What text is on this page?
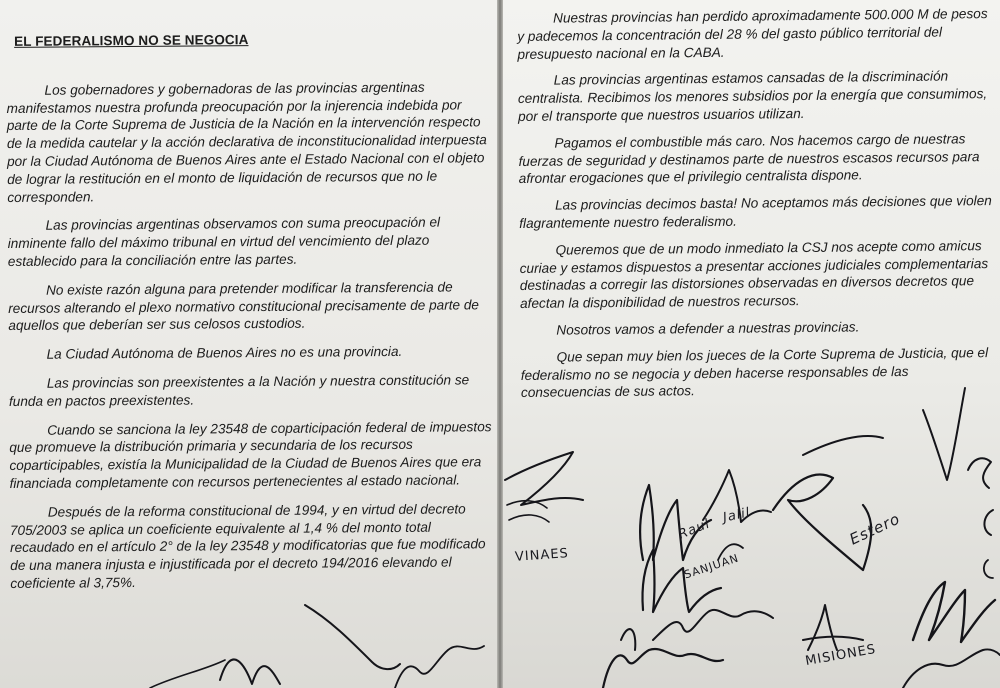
EL FEDERALISMO NO SE NEGOCIA

Los gobernadores y gobernadoras de las provincias argentinas manifestamos nuestra profunda preocupación por la injerencia indebida por parte de la Corte Suprema de Justicia de la Nación en la intervención respecto de la medida cautelar y la acción declarativa de inconstitucionalidad interpuesta por la Ciudad Autónoma de Buenos Aires ante el Estado Nacional con el objeto de lograr la restitución en el monto de liquidación de recursos que no le corresponden.

Las provincias argentinas observamos con suma preocupación el inminente fallo del máximo tribunal en virtud del vencimiento del plazo establecido para la conciliación entre las partes.

No existe razón alguna para pretender modificar la transferencia de recursos alterando el plexo normativo constitucional precisamente de parte de aquellos que deberían ser sus celosos custodios.

La Ciudad Autónoma de Buenos Aires no es una provincia.

Las provincias son preexistentes a la Nación y nuestra constitución se funda en pactos preexistentes.

Cuando se sanciona la ley 23548 de coparticipación federal de impuestos que promueve la distribución primaria y secundaria de los recursos coparticipables, existía la Municipalidad de la Ciudad de Buenos Aires que era financiada completamente con recursos pertenecientes al estado nacional.

Después de la reforma constitucional de 1994, y en virtud del decreto 705/2003 se aplica un coeficiente equivalente al 1,4 % del monto total recaudado en el artículo 2° de la ley 23548 y modificatorias que fue modificado de una manera injusta e injustificada por el decreto 194/2016 elevando el coeficiente al 3,75%.

Nuestras provincias han perdido aproximadamente 500.000 M de pesos y padecemos la concentración del 28 % del gasto público territorial del presupuesto nacional en la CABA.

Las provincias argentinas estamos cansadas de la discriminación centralista. Recibimos los menores subsidios por la energía que consumimos, por el transporte que nuestros usuarios utilizan.

Pagamos el combustible más caro. Nos hacemos cargo de nuestras fuerzas de seguridad y destinamos parte de nuestros escasos recursos para afrontar erogaciones que el privilegio centralista dispone.

Las provincias decimos basta! No aceptamos más decisiones que violen flagrantemente nuestro federalismo.

Queremos que de un modo inmediato la CSJ nos acepte como amicus curiae y estamos dispuestos a presentar acciones judiciales complementarias destinadas a corregir las distorsiones observadas en diversos decretos que afectan la disponibilidad de nuestros recursos.

Nosotros vamos a defender a nuestras provincias.

Que sepan muy bien los jueces de la Corte Suprema de Justicia, que el federalismo no se negocia y deben hacerse responsables de las consecuencias de sus actos.

VINAES
Raul
Jalil
SANJUAN
Estero
MISIONES
